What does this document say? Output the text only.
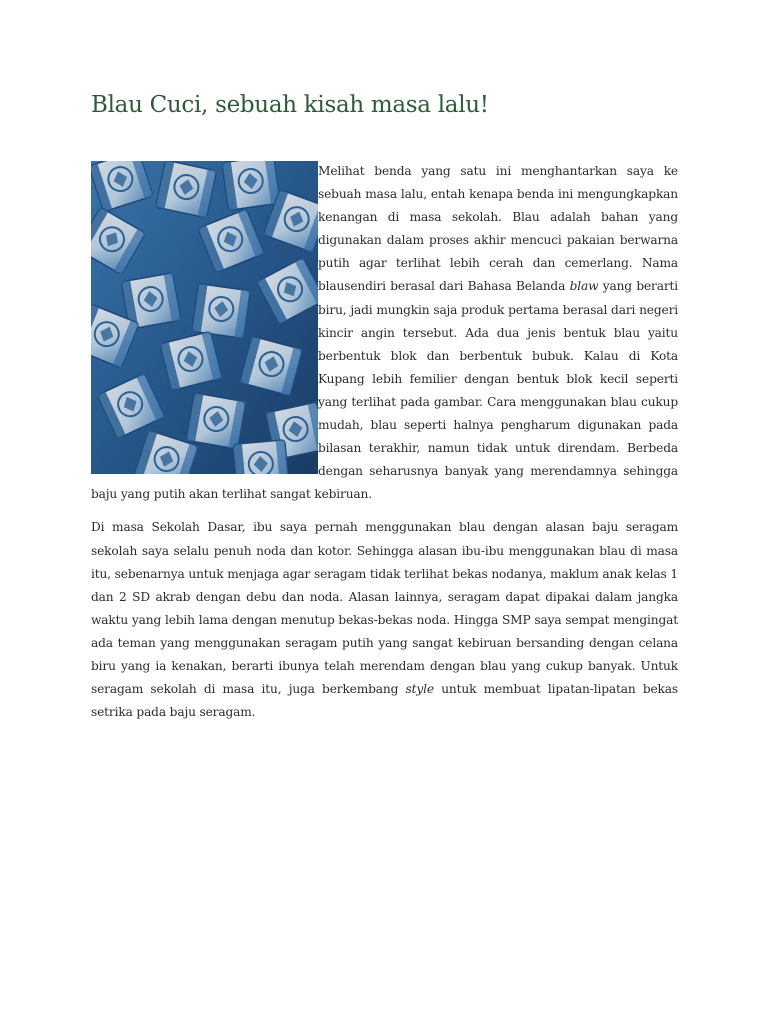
Blau Cuci, sebuah kisah masa lalu!

Melihat benda yang satu ini menghantarkan saya ke sebuah masa lalu, entah kenapa benda ini mengungkapkan kenangan di masa sekolah. Blau adalah bahan yang digunakan dalam proses akhir mencuci pakaian berwarna putih agar terlihat lebih cerah dan cemerlang. Nama blausendiri berasal dari Bahasa Belanda blaw yang berarti biru, jadi mungkin saja produk pertama berasal dari negeri kincir angin tersebut. Ada dua jenis bentuk blau yaitu berbentuk blok dan berbentuk bubuk. Kalau di Kota Kupang lebih femilier dengan bentuk blok kecil seperti yang terlihat pada gambar. Cara menggunakan blau cukup mudah, blau seperti halnya pengharum digunakan pada bilasan terakhir, namun tidak untuk direndam. Berbeda dengan seharusnya banyak yang merendamnya sehingga baju yang putih akan terlihat sangat kebiruan.

Di masa Sekolah Dasar, ibu saya pernah menggunakan blau dengan alasan baju seragam sekolah saya selalu penuh noda dan kotor. Sehingga alasan ibu-ibu menggunakan blau di masa itu, sebenarnya untuk menjaga agar seragam tidak terlihat bekas nodanya, maklum anak kelas 1 dan 2 SD akrab dengan debu dan noda. Alasan lainnya, seragam dapat dipakai dalam jangka waktu yang lebih lama dengan menutup bekas-bekas noda. Hingga SMP saya sempat mengingat ada teman yang menggunakan seragam putih yang sangat kebiruan bersanding dengan celana biru yang ia kenakan, berarti ibunya telah merendam dengan blau yang cukup banyak. Untuk seragam sekolah di masa itu, juga berkembang style untuk membuat lipatan-lipatan bekas setrika pada baju seragam.
